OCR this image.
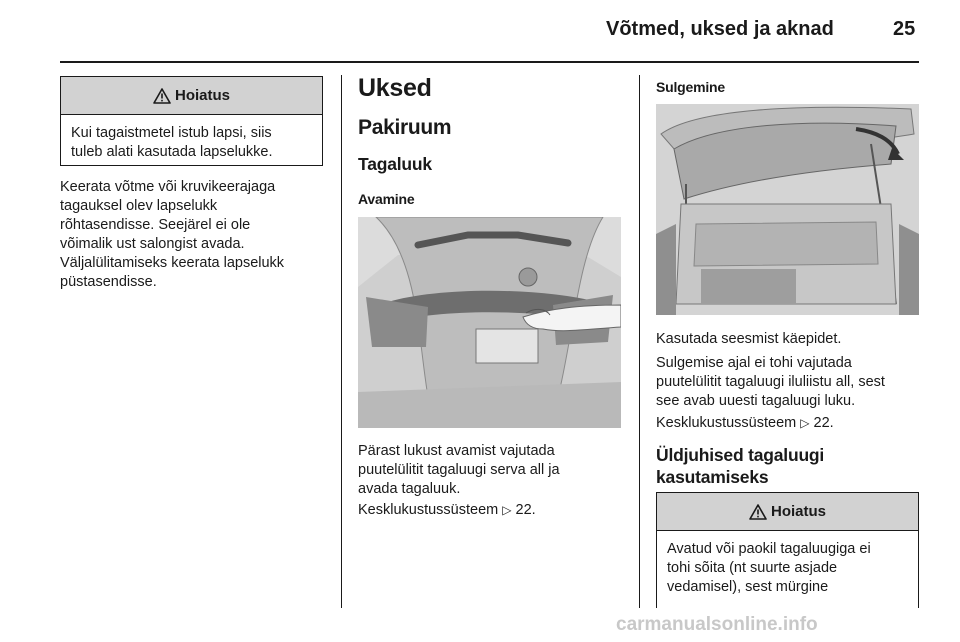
Võtmed, uksed ja aknad	25
Hoiatus
Kui tagaistmetel istub lapsi, siis
tuleb alati kasutada lapselukke.
Keerata võtme või kruvikeerajaga
tagauksel olev lapselukk
rõhtasendisse. Seejärel ei ole
võimalik ust salongist avada.
Väljalülitamiseks keerata lapselukk
püstasendisse.
Uksed
Pakiruum
Tagaluuk
Avamine
Pärast lukust avamist vajutada
puutelülitit tagaluugi serva all ja
avada tagaluuk.
Kesklukustussüsteem ▷ 22.
Sulgemine
Kasutada seesmist käepidet.
Sulgemise ajal ei tohi vajutada
puutelülitit tagaluugi iluliistu all, sest
see avab uuesti tagaluugi luku.
Kesklukustussüsteem ▷ 22.
Üldjuhised tagaluugi
kasutamiseks
Hoiatus
Avatud või paokil tagaluugiga ei
tohi sõita (nt suurte asjade
vedamisel), sest mürgine
carmanualsonline.info
